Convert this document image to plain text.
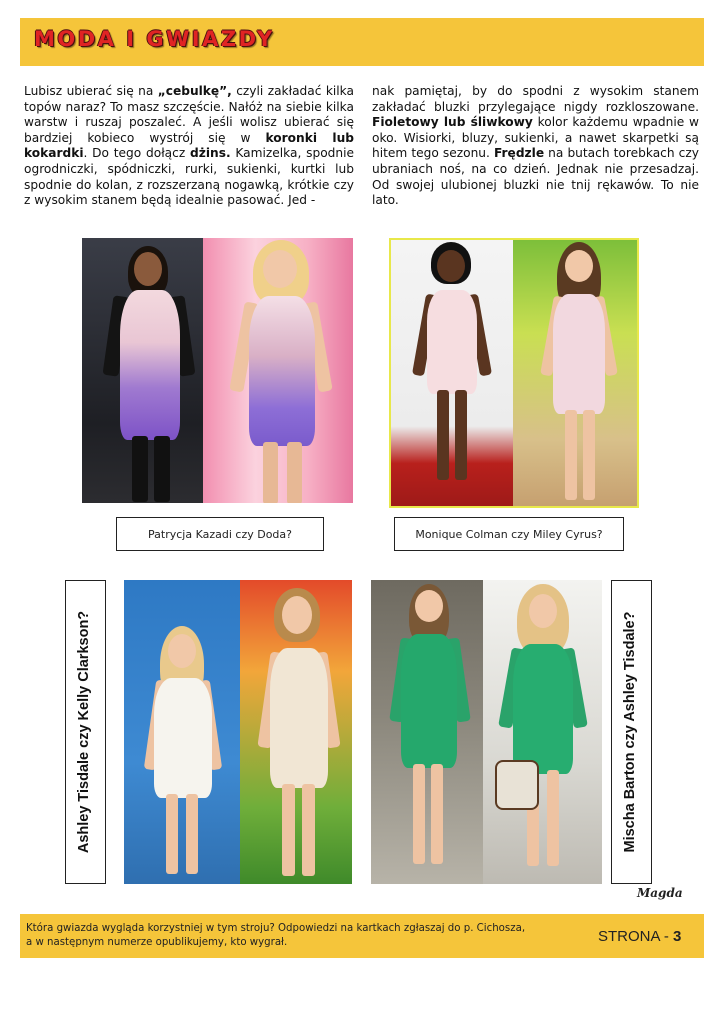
MODA I GWIAZDY
Lubisz ubierać się na „cebulkę”, czyli zakładać kilka topów naraz? To masz szczęście. Nałóż na siebie kilka warstw i ruszaj poszaleć. A jeśli wolisz ubierać się bardziej kobieco wystrój się w koronki lub kokardki. Do tego dołącz dżins. Kamizelka, spodnie ogrodniczki, spódniczki, rurki, sukienki, kurtki lub spodnie do kolan, z rozszerzaną nogawką, krótkie czy z wysokim stanem będą idealnie pasować. Jed -
nak pamiętaj, by do spodni z wysokim stanem zakładać bluzki przylegające nigdy rozkloszowane. Fioletowy lub śliwkowy kolor każdemu wpadnie w oko. Wisiorki, bluzy, sukienki, a nawet skarpetki są hitem tego sezonu. Frędzle na butach torebkach czy ubraniach noś, na co dzień. Jednak nie przesadzaj. Od swojej ulubionej bluzki nie tnij rękawów. To nie lato.
Patrycja Kazadi czy Doda?	Monique Colman czy Miley Cyrus?
Ashley Tisdale czy Kelly Clarkson?	Mischa Barton czy Ashley Tisdale?
Magda
Która gwiazda wygląda korzystniej w tym stroju? Odpowiedzi na kartkach zgłaszaj do p. Cichosza,
a w następnym numerze opublikujemy, kto wygrał.	STRONA - 3
